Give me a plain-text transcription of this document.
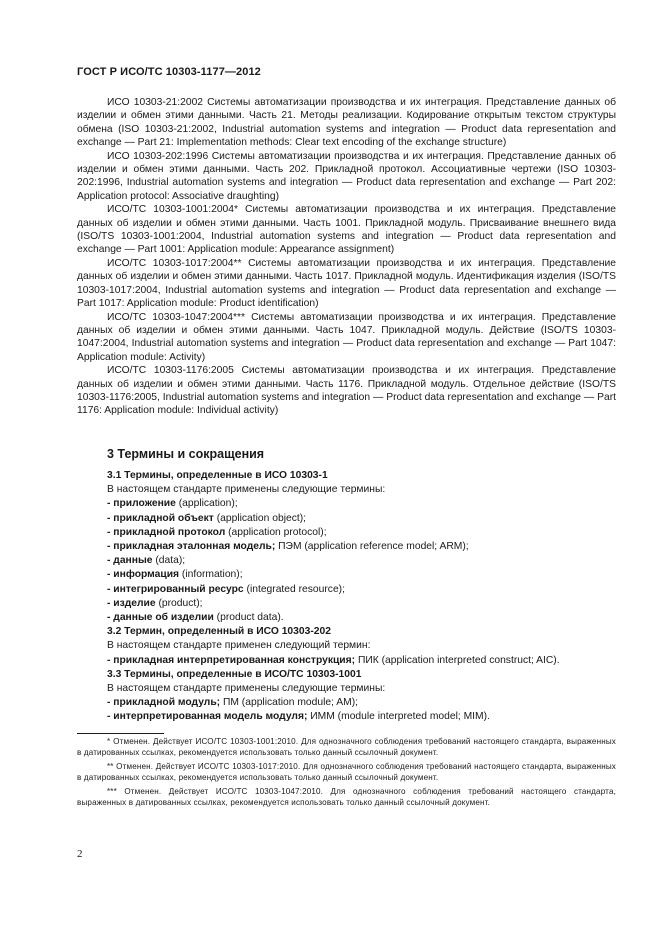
ГОСТ Р ИСО/ТС 10303-1177—2012

ИСО 10303-21:2002 Системы автоматизации производства и их интеграция. Представление данных об изделии и обмен этими данными. Часть 21. Методы реализации. Кодирование открытым текстом структуры обмена (ISO 10303-21:2002, Industrial automation systems and integration — Product data representation and exchange — Part 21: Implementation methods: Clear text encoding of the exchange structure)

ИСО 10303-202:1996 Системы автоматизации производства и их интеграция. Представление данных об изделии и обмен этими данными. Часть 202. Прикладной протокол. Ассоциативные чертежи (ISO 10303-202:1996, Industrial automation systems and integration — Product data representation and exchange — Part 202: Application protocol: Associative draughting)

ИСО/ТС 10303-1001:2004* Системы автоматизации производства и их интеграция. Представление данных об изделии и обмен этими данными. Часть 1001. Прикладной модуль. Присваивание внешнего вида (ISO/TS 10303-1001:2004, Industrial automation systems and integration — Product data representation and exchange — Part 1001: Application module: Appearance assignment)

ИСО/ТС 10303-1017:2004** Системы автоматизации производства и их интеграция. Представление данных об изделии и обмен этими данными. Часть 1017. Прикладной модуль. Идентификация изделия (ISO/TS 10303-1017:2004, Industrial automation systems and integration — Product data representation and exchange — Part 1017: Application module: Product identification)

ИСО/ТС 10303-1047:2004*** Системы автоматизации производства и их интеграция. Представление данных об изделии и обмен этими данными. Часть 1047. Прикладной модуль. Действие (ISO/TS 10303-1047:2004, Industrial automation systems and integration — Product data representation and exchange — Part 1047: Application module: Activity)

ИСО/ТС 10303-1176:2005 Системы автоматизации производства и их интеграция. Представление данных об изделии и обмен этими данными. Часть 1176. Прикладной модуль. Отдельное действие (ISO/TS 10303-1176:2005, Industrial automation systems and integration — Product data representation and exchange — Part 1176: Application module: Individual activity)

3 Термины и сокращения

3.1 Термины, определенные в ИСО 10303-1

В настоящем стандарте применены следующие термины:

- приложение (application);
- прикладной объект (application object);
- прикладной протокол (application protocol);
- прикладная эталонная модель; ПЭМ (application reference model; ARM);
- данные (data);
- информация (information);
- интегрированный ресурс (integrated resource);
- изделие (product);
- данные об изделии (product data).

3.2 Термин, определенный в ИСО 10303-202

В настоящем стандарте применен следующий термин:

- прикладная интерпретированная конструкция; ПИК (application interpreted construct; AIC).

3.3 Термины, определенные в ИСО/ТС 10303-1001

В настоящем стандарте применены следующие термины:

- прикладной модуль; ПМ (application module; AM);
- интерпретированная модель модуля; ИММ (module interpreted model; MIM).

* Отменен. Действует ИСО/ТС 10303-1001:2010. Для однозначного соблюдения требований настоящего стандарта, выраженных в датированных ссылках, рекомендуется использовать только данный ссылочный документ.

** Отменен. Действует ИСО/ТС 10303-1017:2010. Для однозначного соблюдения требований настоящего стандарта, выраженных в датированных ссылках, рекомендуется использовать только данный ссылочный документ.

*** Отменен. Действует ИСО/ТС 10303-1047:2010. Для однозначного соблюдения требований настоящего стандарта, выраженных в датированных ссылках, рекомендуется использовать только данный ссылочный документ.

2
